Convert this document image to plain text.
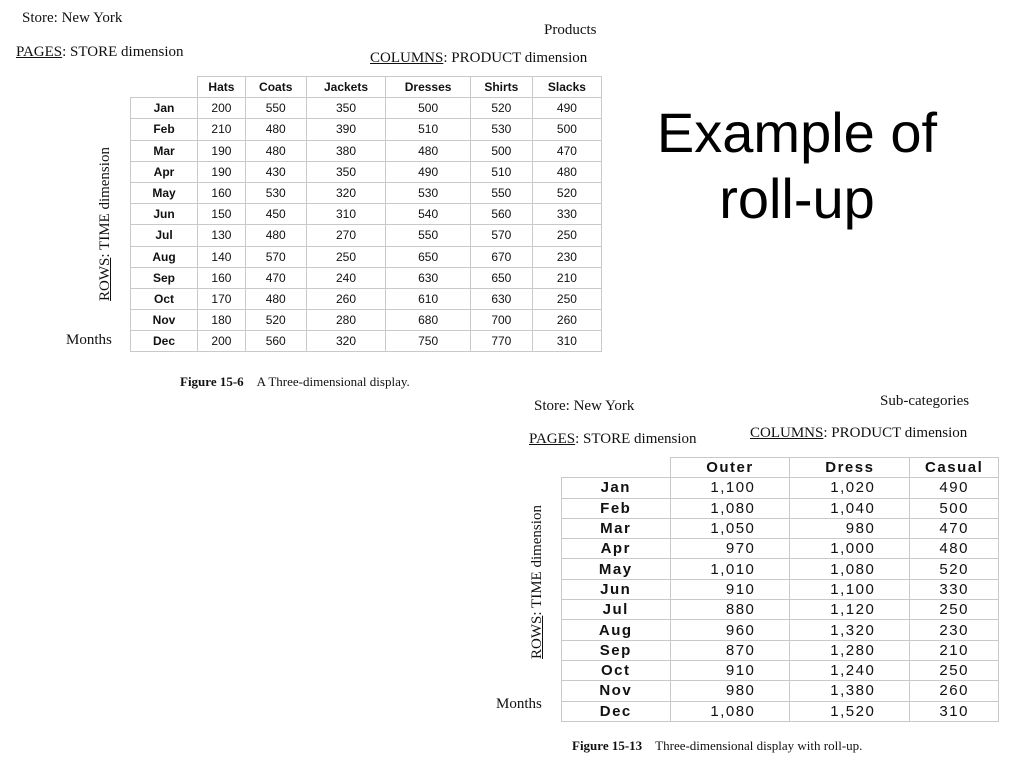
Example of roll-up
Store: New York
Products
PAGES: STORE dimension	COLUMNS: PRODUCT dimension
ROWS: TIME dimension
Months
	Hats	Coats	Jackets	Dresses	Shirts	Slacks
Jan	200	550	350	500	520	490
Feb	210	480	390	510	530	500
Mar	190	480	380	480	500	470
Apr	190	430	350	490	510	480
May	160	530	320	530	550	520
Jun	150	450	310	540	560	330
Jul	130	480	270	550	570	250
Aug	140	570	250	650	670	230
Sep	160	470	240	630	650	210
Oct	170	480	260	610	630	250
Nov	180	520	280	680	700	260
Dec	200	560	320	750	770	310
Figure 15-6 A Three-dimensional display.
Store: New York	Sub-categories
PAGES: STORE dimension	COLUMNS: PRODUCT dimension
ROWS: TIME dimension
Months
	Outer	Dress	Casual
Jan	1,100	1,020	490
Feb	1,080	1,040	500
Mar	1,050	980	470
Apr	970	1,000	480
May	1,010	1,080	520
Jun	910	1,100	330
Jul	880	1,120	250
Aug	960	1,320	230
Sep	870	1,280	210
Oct	910	1,240	250
Nov	980	1,380	260
Dec	1,080	1,520	310
Figure 15-13 Three-dimensional display with roll-up.
